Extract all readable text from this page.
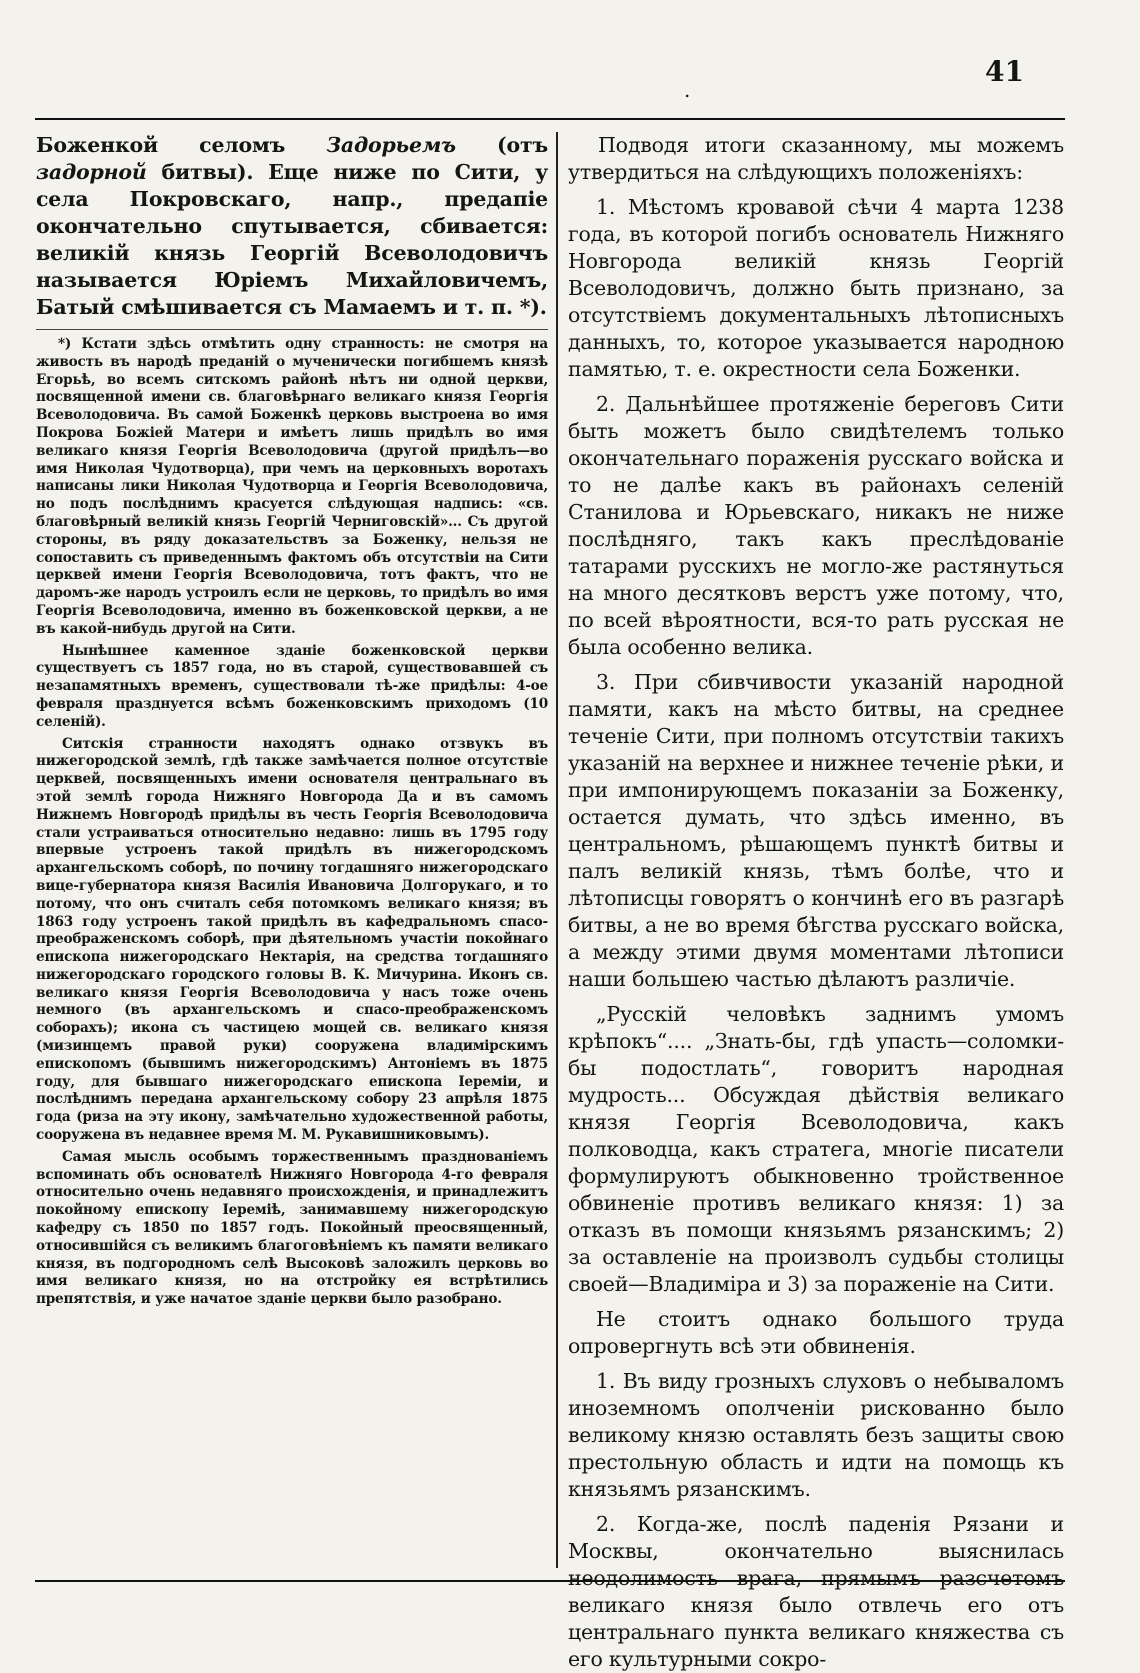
.
41

Боженкой селомъ Задорьемъ (отъ задорной битвы). Еще ниже по Сити, у села Покровскаго, напр., предапіе окончательно спутывается, сбивается: великій князь Георгій Всеволодовичъ называется Юріемъ Михайловичемъ, Батый смѣшивается съ Мамаемъ и т. п. *).

*) Кстати здѣсь отмѣтить одну странность: не смотря на живость въ народѣ преданій о мученически погибшемъ князѣ Егорьѣ, во всемъ ситскомъ районѣ нѣтъ ни одной церкви, посвященной имени св. благовѣрнаго великаго князя Георгія Всеволодовича. Въ самой Боженкѣ церковь выстроена во имя Покрова Божіей Матери и имѣетъ лишь придѣлъ во имя великаго князя Георгія Всеволодовича (другой придѣлъ—во имя Николая Чудотворца), при чемъ на церковныхъ воротахъ написаны лики Николая Чудотворца и Георгія Всеволодовича, но подъ послѣднимъ красуется слѣдующая надпись: «св. благовѣрный великій князь Георгій Черниговскій»... Съ другой стороны, въ ряду доказательствъ за Боженку, нельзя не сопоставить съ приведеннымъ фактомъ объ отсутствіи на Сити церквей имени Георгія Всеволодовича, тотъ фактъ, что не даромъ-же народъ устроилъ если не церковь, то придѣлъ во имя Георгія Всеволодовича, именно въ боженковской церкви, а не въ какой-нибудь другой на Сити.

Нынѣшнее каменное зданіе боженковской церкви существуетъ съ 1857 года, но въ старой, существовавшей съ незапамятныхъ временъ, существовали тѣ-же придѣлы: 4-ое февраля празднуется всѣмъ боженковскимъ приходомъ (10 селеній).

Ситскія странности находятъ однако отзвукъ въ нижегородской землѣ, гдѣ также замѣчается полное отсутствіе церквей, посвященныхъ имени основателя центральнаго въ этой землѣ города Нижняго Новгорода Да и въ самомъ Нижнемъ Новгородѣ придѣлы въ честь Георгія Всеволодовича стали устраиваться относительно недавно: лишь въ 1795 году впервые устроенъ такой придѣлъ въ нижегородскомъ архангельскомъ соборѣ, по почину тогдашняго нижегородскаго вице-губернатора князя Василія Ивановича Долгорукаго, и то потому, что онъ считалъ себя потомкомъ великаго князя; въ 1863 году устроенъ такой придѣлъ въ кафедральномъ спасо-преображенскомъ соборѣ, при дѣятельномъ участіи покойнаго епископа нижегородскаго Нектарія, на средства тогдашняго нижегородскаго городского головы В. К. Мичурина. Иконъ св. великаго князя Георгія Всеволодовича у насъ тоже очень немного (въ архангельскомъ и спасо-преображенскомъ соборахъ); икона съ частицею мощей св. великаго князя (мизинцемъ правой руки) сооружена владимірскимъ епископомъ (бывшимъ нижегородскимъ) Антоніемъ въ 1875 году, для бывшаго нижегородскаго епископа Іереміи, и послѣднимъ передана архангельскому собору 23 апрѣля 1875 года (риза на эту икону, замѣчательно художественной работы, сооружена въ недавнее время М. М. Рукавишниковымъ).

Самая мысль особымъ торжественнымъ празднованіемъ вспоминать объ основателѣ Нижняго Новгорода 4-го февраля относительно очень недавняго происхожденія, и принадлежитъ покойному епископу Іереміѣ, занимавшему нижегородскую кафедру съ 1850 по 1857 годъ. Покойный преосвященный, относившійся съ великимъ благоговѣніемъ къ памяти великаго князя, въ подгородномъ селѣ Высоковѣ заложилъ церковь во имя великаго князя, но на отстройку ея встрѣтились препятствія, и уже начатое зданіе церкви было разобрано.

Подводя итоги сказанному, мы можемъ утвердиться на слѣдующихъ положеніяхъ:

1. Мѣстомъ кровавой сѣчи 4 марта 1238 года, въ которой погибъ основатель Нижняго Новгорода великій князь Георгій Всеволодовичъ, должно быть признано, за отсутствіемъ документальныхъ лѣтописныхъ данныхъ, то, которое указывается народною памятью, т. е. окрестности села Боженки.

2. Дальнѣйшее протяженіе береговъ Сити быть можетъ было свидѣтелемъ только окончательнаго пораженія русскаго войска и то не далѣе какъ въ районахъ селеній Станилова и Юрьевскаго, никакъ не ниже послѣдняго, такъ какъ преслѣдованіе татарами русскихъ не могло-же растянуться на много десятковъ верстъ уже потому, что, по всей вѣроятности, вся-то рать русская не была особенно велика.

3. При сбивчивости указаній народной памяти, какъ на мѣсто битвы, на среднее теченіе Сити, при полномъ отсутствіи такихъ указаній на верхнее и нижнее теченіе рѣки, и при импонирующемъ показаніи за Боженку, остается думать, что здѣсь именно, въ центральномъ, рѣшающемъ пунктѣ битвы и палъ великій князь, тѣмъ болѣе, что и лѣтописцы говорятъ о кончинѣ его въ разгарѣ битвы, а не во время бѣгства русскаго войска, а между этими двумя моментами лѣтописи наши большею частью дѣлаютъ различіе.

„Русскій человѣкъ заднимъ умомъ крѣпокъ“.... „Знать-бы, гдѣ упасть—соломки-бы подостлать“, говоритъ народная мудрость... Обсуждая дѣйствія великаго князя Георгія Всеволодовича, какъ полководца, какъ стратега, многіе писатели формулируютъ обыкновенно тройственное обвиненіе противъ великаго князя: 1) за отказъ въ помощи князьямъ рязанскимъ; 2) за оставленіе на произволъ судьбы столицы своей—Владиміра и 3) за пораженіе на Сити.

Не стоитъ однако большого труда опровергнуть всѣ эти обвиненія.

1. Въ виду грозныхъ слуховъ о небываломъ иноземномъ ополченіи рискованно было великому князю оставлять безъ защиты свою престольную область и идти на помощь къ князьямъ рязанскимъ.

2. Когда-же, послѣ паденія Рязани и Москвы, окончательно выяснилась неодолимость врага, прямымъ разсчетомъ великаго князя было отвлечь его отъ центральнаго пункта великаго княжества съ его культурными сокро-
